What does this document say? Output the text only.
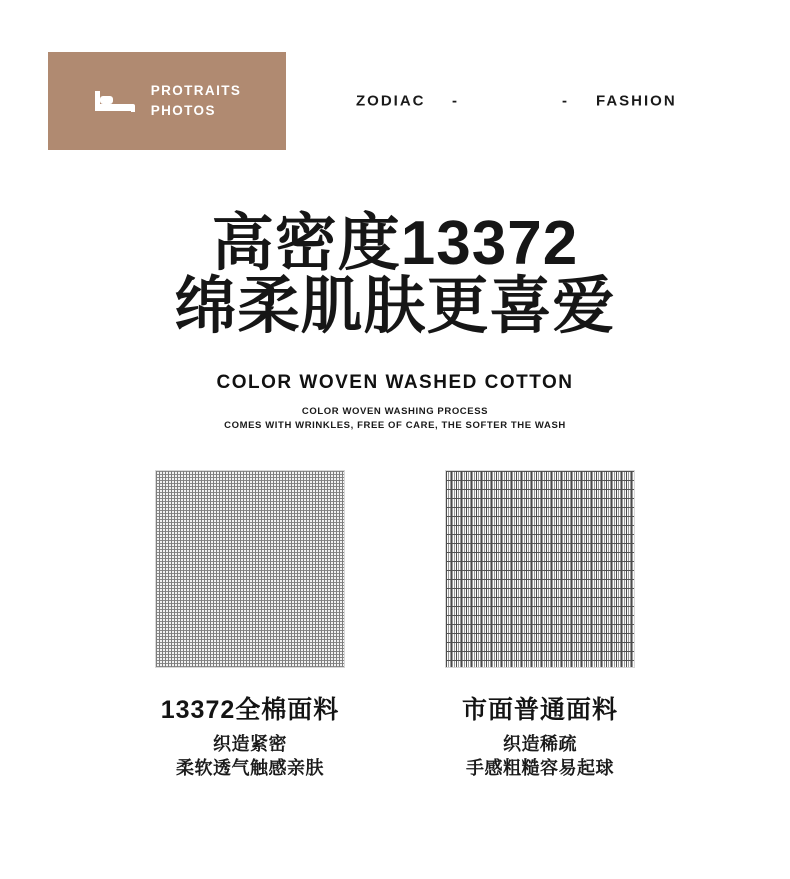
PROTRAITS
PHOTOS
ZODIAC -	- FASHION
高密度13372
绵柔肌肤更喜爱
COLOR WOVEN WASHED COTTON
COLOR WOVEN WASHING PROCESS
COMES WITH WRINKLES, FREE OF CARE, THE SOFTER THE WASH
13372全棉面料
织造紧密
柔软透气触感亲肤
市面普通面料
织造稀疏
手感粗糙容易起球
